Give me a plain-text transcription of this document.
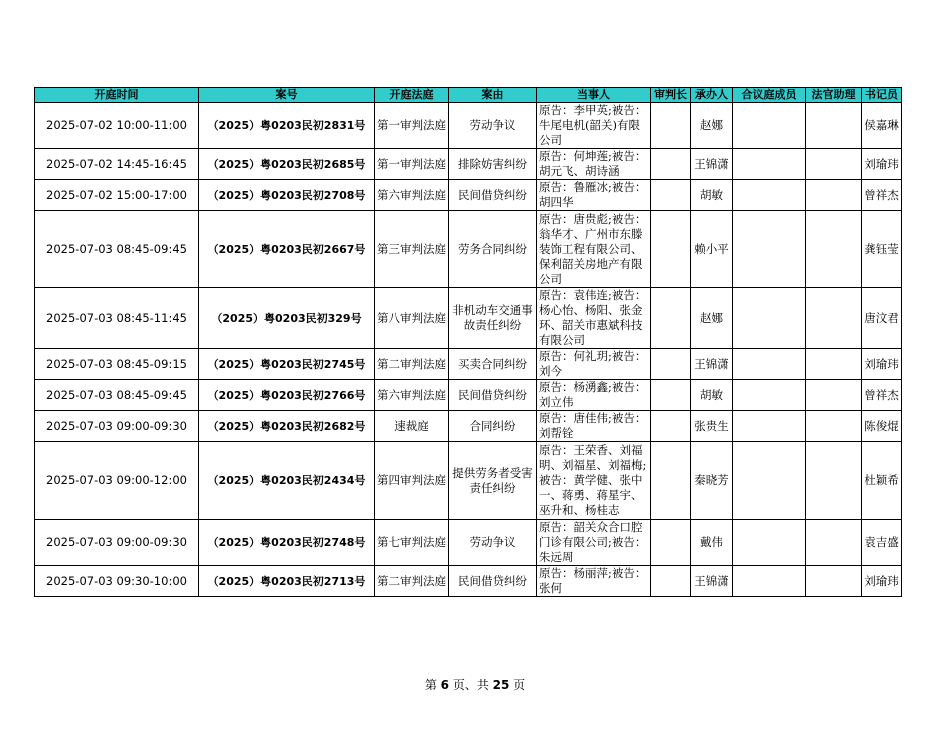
开庭时间	案号	开庭法庭	案由	当事人	审判长	承办人	合议庭成员	法官助理	书记员
2025-07-02 10:00-11:00	（2025）粤0203民初2831号	第一审判法庭	劳动争议	原告：李甲英;被告：牛尾电机(韶关)有限公司		赵娜			侯嘉琳
2025-07-02 14:45-16:45	（2025）粤0203民初2685号	第一审判法庭	排除妨害纠纷	原告：何坤莲;被告：胡元飞、胡诗涵		王锦潇			刘瑜玮
2025-07-02 15:00-17:00	（2025）粤0203民初2708号	第六审判法庭	民间借贷纠纷	原告：鲁雁冰;被告：胡四华		胡敏			曾祥杰
2025-07-03 08:45-09:45	（2025）粤0203民初2667号	第三审判法庭	劳务合同纠纷	原告：唐贵彪;被告：翁华才、广州市东滕装饰工程有限公司、保利韶关房地产有限公司		赖小平			龚钰莹
2025-07-03 08:45-11:45	（2025）粤0203民初329号	第八审判法庭	非机动车交通事故责任纠纷	原告：袁伟连;被告：杨心怡、杨阳、张金环、韶关市惠斌科技有限公司		赵娜			唐汶君
2025-07-03 08:45-09:15	（2025）粤0203民初2745号	第二审判法庭	买卖合同纠纷	原告：何礼玥;被告：刘今		王锦潇			刘瑜玮
2025-07-03 08:45-09:45	（2025）粤0203民初2766号	第六审判法庭	民间借贷纠纷	原告：杨湧鑫;被告：刘立伟		胡敏			曾祥杰
2025-07-03 09:00-09:30	（2025）粤0203民初2682号	速裁庭	合同纠纷	原告：唐佳伟;被告：刘帮铨		张贵生			陈俊焜
2025-07-03 09:00-12:00	（2025）粤0203民初2434号	第四审判法庭	提供劳务者受害责任纠纷	原告：王荣香、刘福明、刘福星、刘福梅;被告：黄学健、张中一、蒋勇、蒋星宇、巫升和、杨桂志		秦晓芳			杜颖希
2025-07-03 09:00-09:30	（2025）粤0203民初2748号	第七审判法庭	劳动争议	原告：韶关众合口腔门诊有限公司;被告：朱远周		戴伟			袁吉盛
2025-07-03 09:30-10:00	（2025）粤0203民初2713号	第二审判法庭	民间借贷纠纷	原告：杨丽萍;被告：张何		王锦潇			刘瑜玮
第 6 页、共 25 页
